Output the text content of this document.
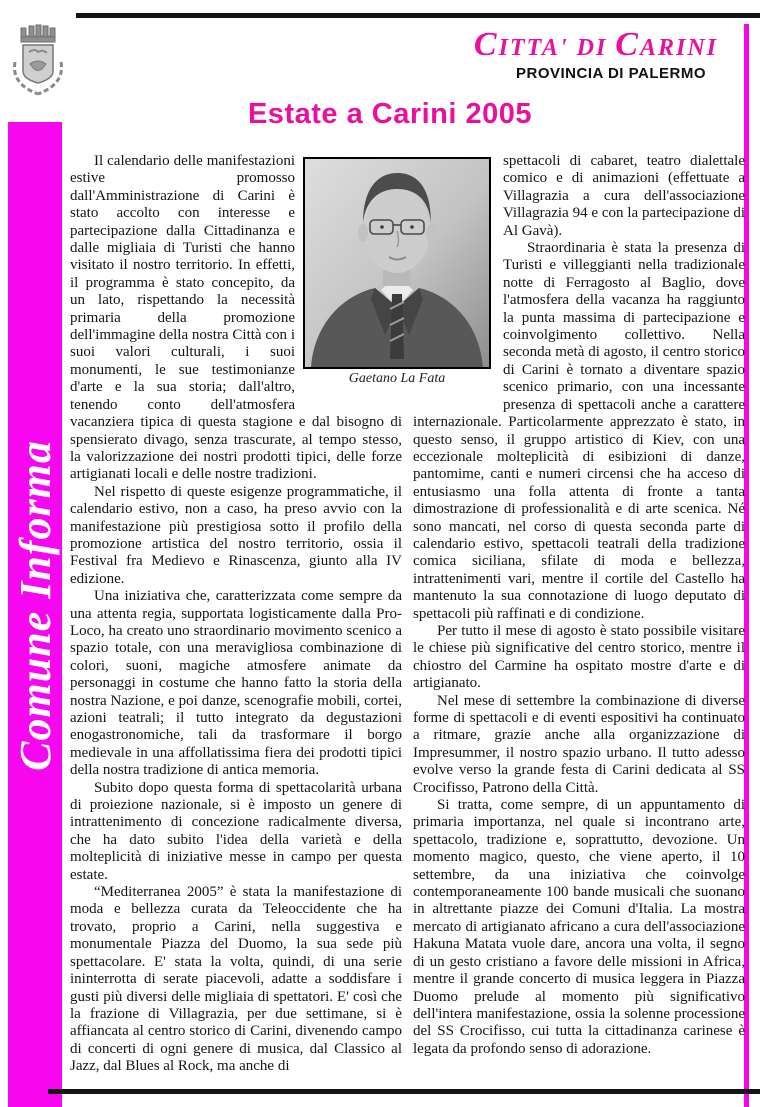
Comune Informa
CITTA' DI CARINI
PROVINCIA DI PALERMO
Estate a Carini 2005
Gaetano La Fata

Il calendario delle manifestazioni estive promosso dall'Amministrazione di Carini è stato accolto con interesse e partecipazione dalla Cittadinanza e dalle migliaia di Turisti che hanno visitato il nostro territorio. In effetti, il programma è stato concepito, da un lato, rispettando la necessità primaria della promozione dell'immagine della nostra Città con i suoi valori culturali, i suoi monumenti, le sue testimonianze d'arte e la sua storia; dall'altro, tenendo conto dell'atmosfera vacanziera tipica di questa stagione e dal bisogno di spensierato divago, senza trascurate, al tempo stesso, la valorizzazione dei nostri prodotti tipici, delle forze artigianati locali e delle nostre tradizioni.

Nel rispetto di queste esigenze programmatiche, il calendario estivo, non a caso, ha preso avvio con la manifestazione più prestigiosa sotto il profilo della promozione artistica del nostro territorio, ossia il Festival fra Medievo e Rinascenza, giunto alla IV edizione.

Una iniziativa che, caratterizzata come sempre da una attenta regia, supportata logisticamente dalla Pro-Loco, ha creato uno straordinario movimento scenico a spazio totale, con una meravigliosa combinazione di colori, suoni, magiche atmosfere animate da personaggi in costume che hanno fatto la storia della nostra Nazione, e poi danze, scenografie mobili, cortei, azioni teatrali; il tutto integrato da degustazioni enogastronomiche, tali da trasformare il borgo medievale in una affollatissima fiera dei prodotti tipici della nostra tradizione di antica memoria.

Subito dopo questa forma di spettacolarità urbana di proiezione nazionale, si è imposto un genere di intrattenimento di concezione radicalmente diversa, che ha dato subito l'idea della varietà e della molteplicità di iniziative messe in campo per questa estate.

“Mediterranea 2005” è stata la manifestazione di moda e bellezza curata da Teleoccidente che ha trovato, proprio a Carini, nella suggestiva e monumentale Piazza del Duomo, la sua sede più spettacolare. E' stata la volta, quindi, di una serie ininterrotta di serate piacevoli, adatte a soddisfare i gusti più diversi delle migliaia di spettatori. E' così che la frazione di Villagrazia, per due settimane, si è affiancata al centro storico di Carini, divenendo campo di concerti di ogni genere di musica, dal Classico al Jazz, dal Blues al Rock, ma anche di

spettacoli di cabaret, teatro dialettale comico e di animazioni (effettuate a Villagrazia a cura dell'associazione Villagrazia 94 e con la partecipazione di Al Gavà).

Straordinaria è stata la presenza di Turisti e villeggianti nella tradizionale notte di Ferragosto al Baglio, dove l'atmosfera della vacanza ha raggiunto la punta massima di partecipazione e coinvolgimento collettivo. Nella seconda metà di agosto, il centro storico di Carini è tornato a diventare spazio scenico primario, con una incessante presenza di spettacoli anche a carattere internazionale. Particolarmente apprezzato è stato, in questo senso, il gruppo artistico di Kiev, con una eccezionale molteplicità di esibizioni di danze, pantomime, canti e numeri circensi che ha acceso di entusiasmo una folla attenta di fronte a tanta dimostrazione di professionalità e di arte scenica. Né sono mancati, nel corso di questa seconda parte di calendario estivo, spettacoli teatrali della tradizione comica siciliana, sfilate di moda e bellezza, intrattenimenti vari, mentre il cortile del Castello ha mantenuto la sua connotazione di luogo deputato di spettacoli più raffinati e di condizione.

Per tutto il mese di agosto è stato possibile visitare le chiese più significative del centro storico, mentre il chiostro del Carmine ha ospitato mostre d'arte e di artigianato.

Nel mese di settembre la combinazione di diverse forme di spettacoli e di eventi espositivi ha continuato a ritmare, grazie anche alla organizzazione di Impresummer, il nostro spazio urbano. Il tutto adesso evolve verso la grande festa di Carini dedicata al SS Crocifisso, Patrono della Città.

Si tratta, come sempre, di un appuntamento di primaria importanza, nel quale si incontrano arte, spettacolo, tradizione e, soprattutto, devozione. Un momento magico, questo, che viene aperto, il 10 settembre, da una iniziativa che coinvolge contemporaneamente 100 bande musicali che suonano in altrettante piazze dei Comuni d'Italia. La mostra mercato di artigianato africano a cura dell'associazione Hakuna Matata vuole dare, ancora una volta, il segno di un gesto cristiano a favore delle missioni in Africa, mentre il grande concerto di musica leggera in Piazza Duomo prelude al momento più significativo dell'intera manifestazione, ossia la solenne processione del SS Crocifisso, cui tutta la cittadinanza carinese è legata da profondo senso di adorazione.
